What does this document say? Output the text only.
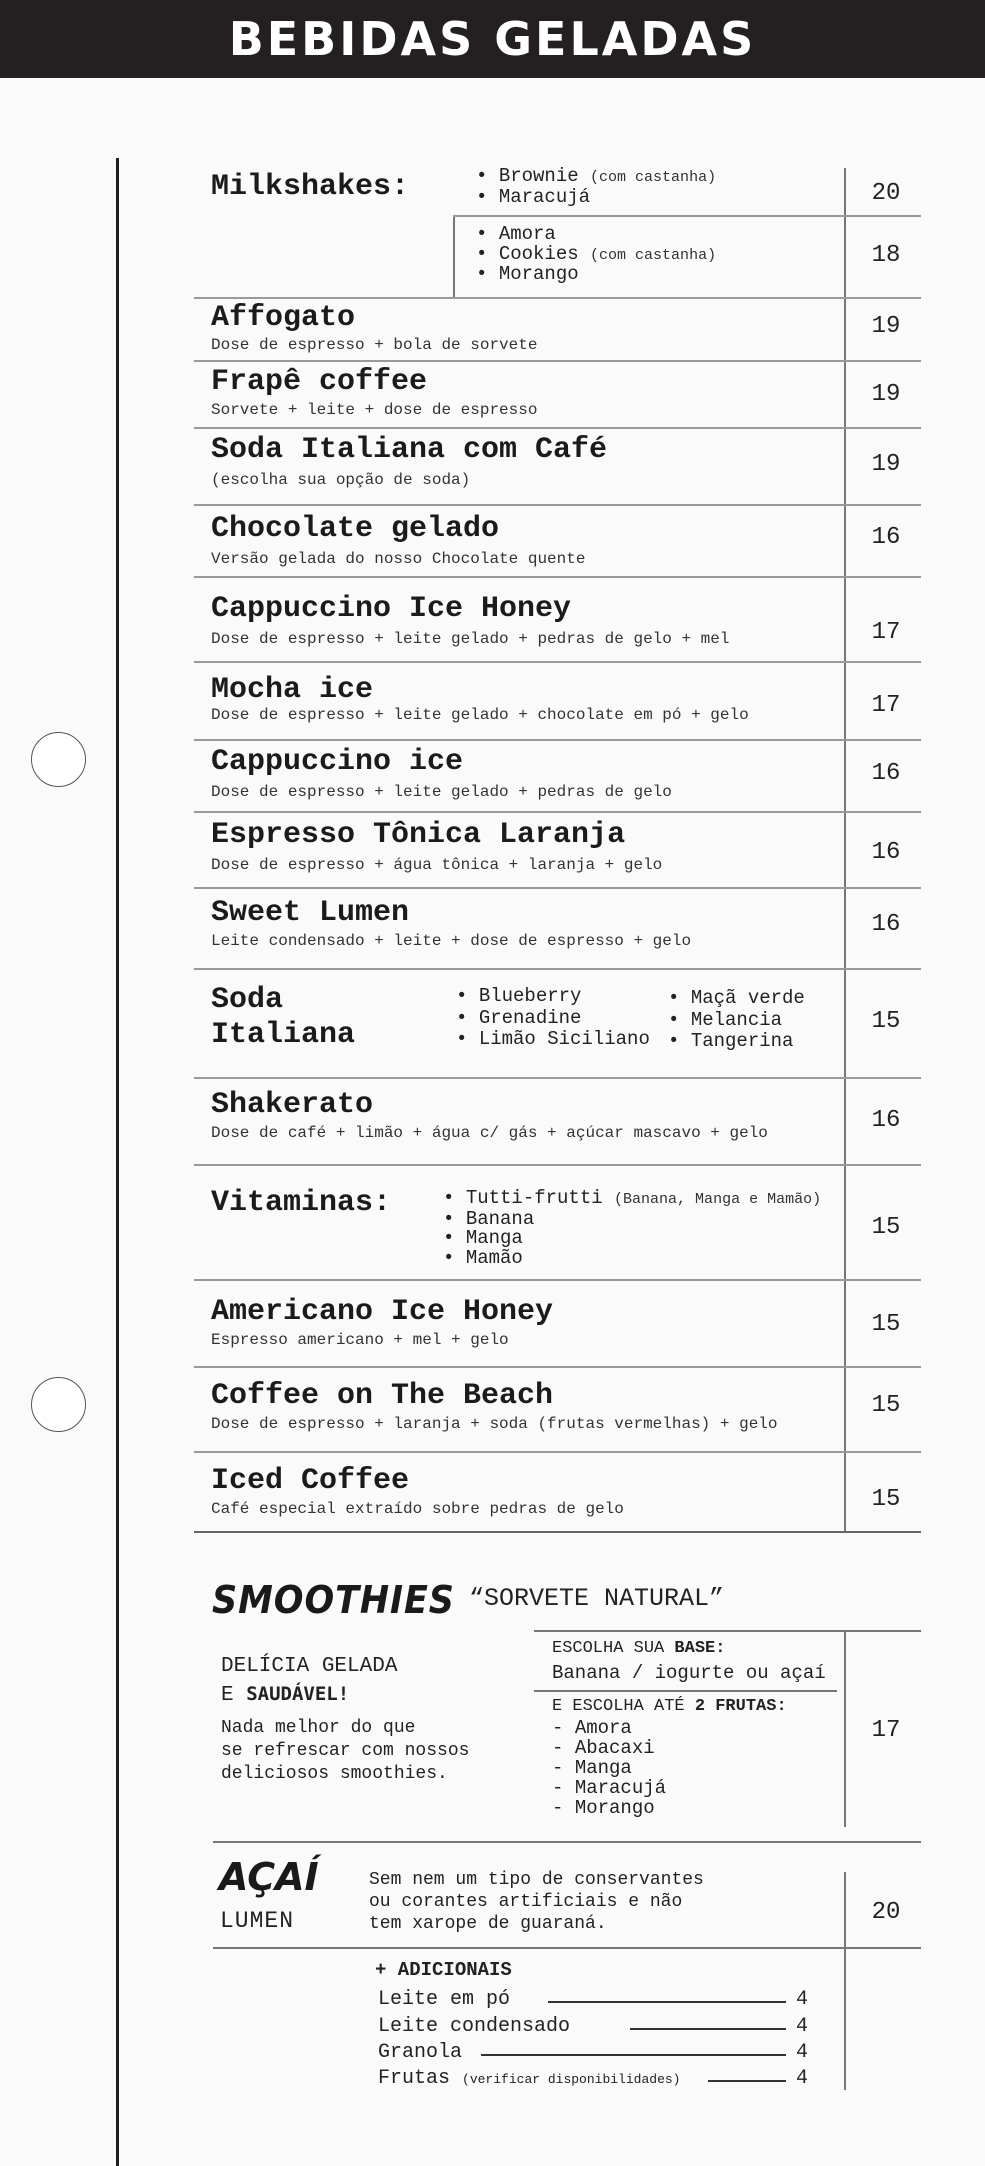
BEBIDAS GELADAS
Milkshakes:	• Brownie (com castanha)
• Maracujá	20
• Amora
• Cookies (com castanha)
• Morango
18
Affogato
Dose de espresso + bola de sorvete
19
Frapê coffee
Sorvete + leite + dose de espresso
19
Soda Italiana com Café
(escolha sua opção de soda)
19
Chocolate gelado
Versão gelada do nosso Chocolate quente
16
Cappuccino Ice Honey
Dose de espresso + leite gelado + pedras de gelo + mel	17
Mocha ice
Dose de espresso + leite gelado + chocolate em pó + gelo	17
Cappuccino ice
Dose de espresso + leite gelado + pedras de gelo
16
Espresso Tônica Laranja
Dose de espresso + água tônica + laranja + gelo	16
Sweet Lumen
Leite condensado + leite + dose de espresso + gelo
16
Soda
Italiana
• Blueberry
• Grenadine
• Limão Siciliano
• Maçã verde
• Melancia
• Tangerina
15
Shakerato
Dose de café + limão + água c/ gás + açúcar mascavo + gelo	16
Vitaminas:	• Tutti-frutti (Banana, Manga e Mamão)
• Banana
• Manga
• Mamão
15
Americano Ice Honey
Espresso americano + mel + gelo
15
Coffee on The Beach
Dose de espresso + laranja + soda (frutas vermelhas) + gelo
15
Iced Coffee
Café especial extraído sobre pedras de gelo	15
SMOOTHIES “SORVETE NATURAL”
DELÍCIA GELADA
E SAUDÁVEL!
Nada melhor do que
se refrescar com nossos
deliciosos smoothies.
ESCOLHA SUA BASE:
Banana / iogurte ou açaí
E ESCOLHA ATÉ 2 FRUTAS:
- Amora
- Abacaxi
- Manga
- Maracujá
- Morango
17
AÇAÍ
LUMEN
Sem nem um tipo de conservantes
ou corantes artificiais e não
tem xarope de guaraná.	20
+ ADICIONAIS
Leite em pó	4
Leite condensado	4
Granola	4
Frutas (verificar disponibilidades)	4
